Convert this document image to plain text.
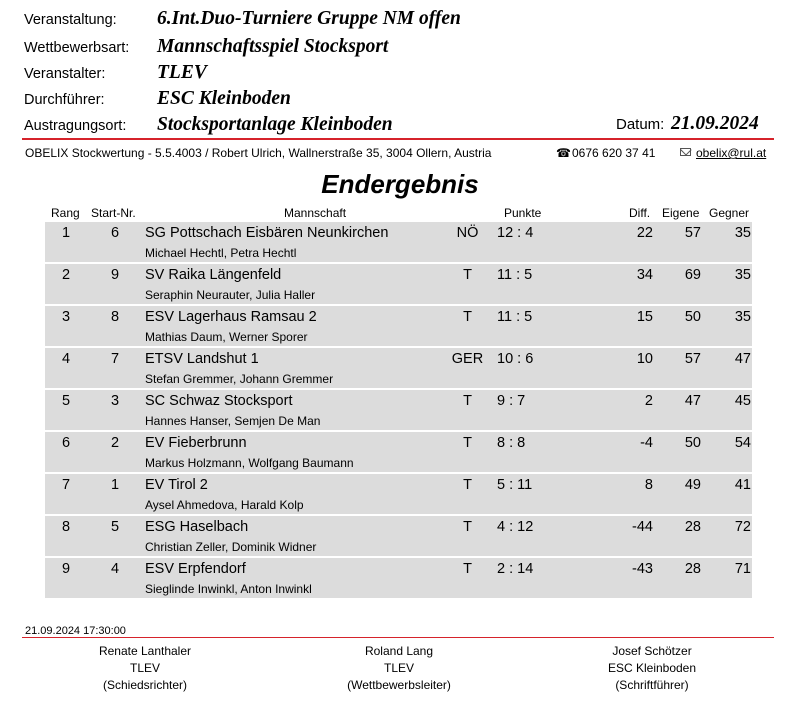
Veranstaltung: 6.Int.Duo-Turniere Gruppe NM offen
Wettbewerbsart: Mannschaftsspiel Stocksport
Veranstalter:	TLEV
Durchführer:	ESC Kleinboden
Austragungsort: Stocksportanlage Kleinboden	Datum: 21.09.2024
OBELIX Stockwertung - 5.5.4003 / Robert Ulrich, Wallnerstraße 35, 3004 Ollern, Austria	☎ 0676 620 37 41	obelix@rul.at
Endergebnis
Rang Start-Nr.	Mannschaft	Punkte	Diff. Eigene Gegner
1	6	SG Pottschach Eisbären Neunkirchen	NÖ	12 : 4	22	57	35
Michael Hechtl, Petra Hechtl
2	9	SV Raika Längenfeld	T	11 : 5	34	69	35
Seraphin Neurauter, Julia Haller
3	8	ESV Lagerhaus Ramsau 2	T	11 : 5	15	50	35
Mathias Daum, Werner Sporer
4	7	ETSV Landshut 1	GER 10 : 6	10	57	47
Stefan Gremmer, Johann Gremmer
5	3	SC Schwaz Stocksport	T	9 : 7	2	47	45
Hannes Hanser, Semjen De Man
6	2	EV Fieberbrunn	T	8 : 8	-4	50	54
Markus Holzmann, Wolfgang Baumann
7	1	EV Tirol 2	T	5 : 11	8	49	41
Aysel Ahmedova, Harald Kolp
8	5	ESG Haselbach	T	4 : 12	-44	28	72
Christian Zeller, Dominik Widner
9	4	ESV Erpfendorf	T	2 : 14	-43	28	71
Sieglinde Inwinkl, Anton Inwinkl
21.09.2024 17:30:00
Renate Lanthaler
TLEV
(Schiedsrichter)
Roland Lang
TLEV
(Wettbewerbsleiter)
Josef Schötzer
ESC Kleinboden
(Schriftführer)
